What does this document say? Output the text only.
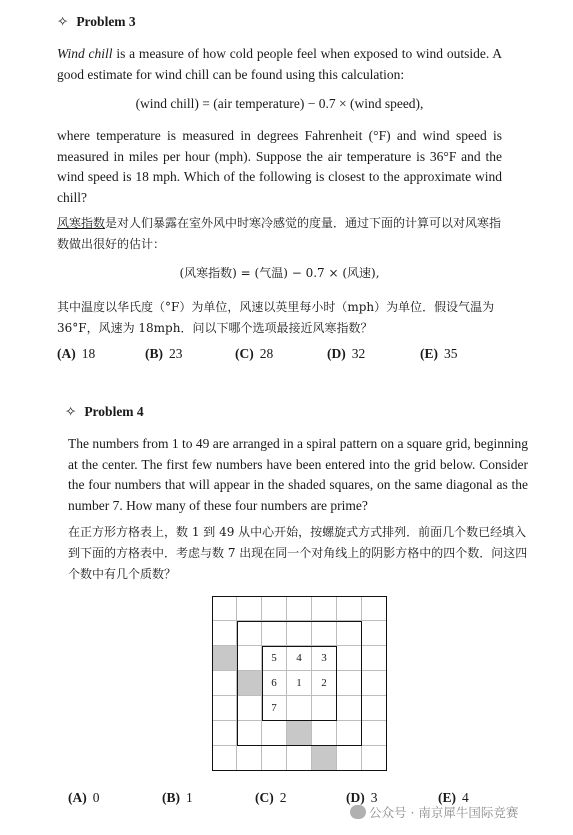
✧ Problem 3
Wind chill is a measure of how cold people feel when exposed to wind outside. A good estimate for wind chill can be found using this calculation:
(wind chill) = (air temperature) − 0.7 × (wind speed),
where temperature is measured in degrees Fahrenheit (°F) and wind speed is measured in miles per hour (mph). Suppose the air temperature is 36°F and the wind speed is 18 mph. Which of the following is closest to the approximate wind chill?
风寒指数是对人们暴露在室外风中时寒冷感觉的度量．通过下面的计算可以对风寒指数做出很好的估计：
(风寒指数) = (气温) − 0.7 × (风速),
其中温度以华氏度（°F）为单位，风速以英里每小时（mph）为单位．假设气温为 36°F，风速为 18mph．问以下哪个选项最接近风寒指数？
(A) 18	(B) 23	(C) 28	(D) 32	(E) 35
✧ Problem 4
The numbers from 1 to 49 are arranged in a spiral pattern on a square grid, beginning at the center. The first few numbers have been entered into the grid below. Consider the four numbers that will appear in the shaded squares, on the same diagonal as the number 7. How many of these four numbers are prime?
在正方形方格表上，数 1 到 49 从中心开始，按螺旋式方式排列．前面几个数已经填入到下面的方格表中．考虑与数 7 出现在同一个对角线上的阴影方格中的四个数．问这四个数中有几个质数？
5	4	3
6	1	2
7
(A) 0	(B) 1	(C) 2	(D) 3	(E) 4
公众号 · 南京犀牛国际竞赛
